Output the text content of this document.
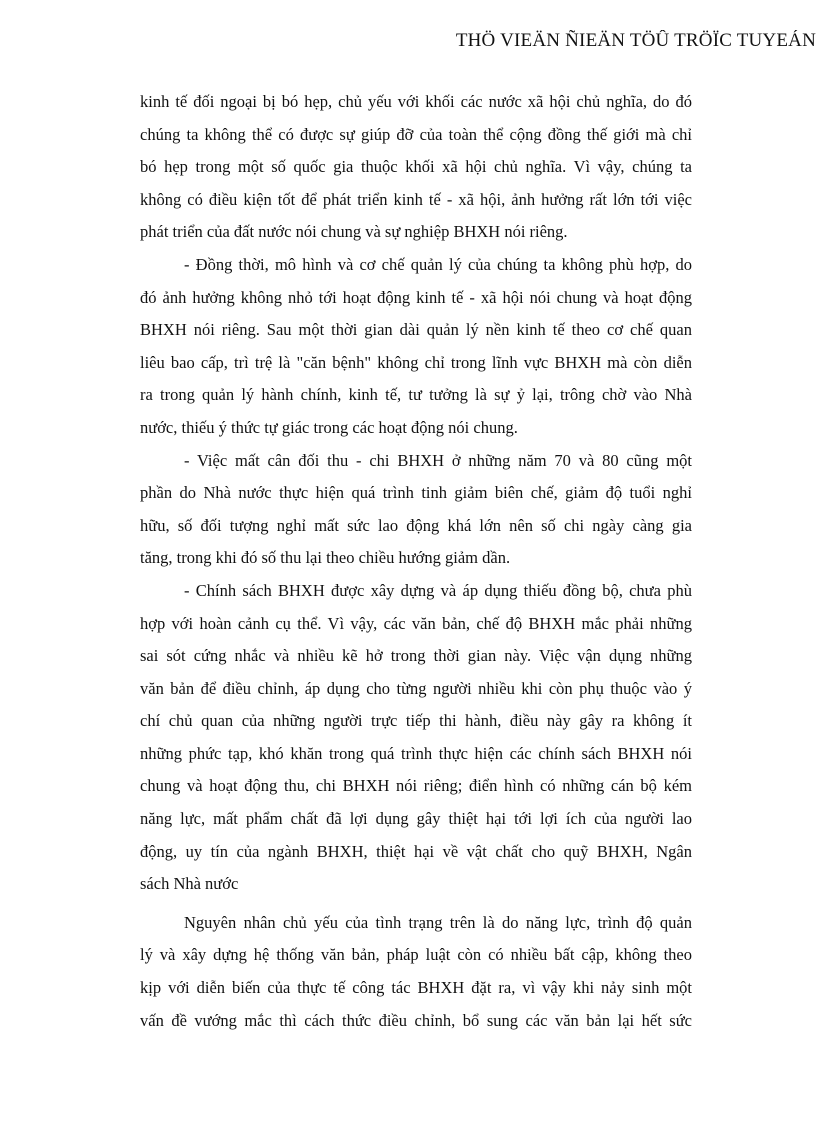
THÖ VIEÄN ÑIEÄN TÖÛ TRÖÏC TUYEÁN
kinh tế đối ngoại bị bó hẹp, chủ yếu với khối các nước xã hội chủ nghĩa, do đó
chúng ta không thể có được sự giúp đỡ của toàn thể cộng đồng thế giới mà chỉ
bó hẹp trong một số quốc gia thuộc khối xã hội chủ nghĩa. Vì vậy, chúng ta
không có điều kiện tốt để phát triển kinh tế - xã hội, ảnh hưởng rất lớn tới việc
phát triển của đất nước nói chung và sự nghiệp BHXH nói riêng.
- Đồng thời, mô hình và cơ chế quản lý của chúng ta không phù hợp, do
đó ảnh hưởng không nhỏ tới hoạt động kinh tế - xã hội nói chung và hoạt động
BHXH nói riêng. Sau một thời gian dài quản lý nền kinh tế theo cơ chế quan
liêu bao cấp, trì trệ là "căn bệnh" không chỉ trong lĩnh vực BHXH mà còn diễn
ra trong quản lý hành chính, kinh tế, tư tưởng là sự ỷ lại, trông chờ vào Nhà
nước, thiếu ý thức tự giác trong các hoạt động nói chung.
- Việc mất cân đối thu - chi BHXH ở những năm 70 và 80 cũng một
phần do Nhà nước thực hiện quá trình tinh giảm biên chế, giảm độ tuổi nghỉ
hữu, số đối tượng nghỉ mất sức lao động khá lớn nên số chi ngày càng gia
tăng, trong khi đó số thu lại theo chiều hướng giảm dần.
- Chính sách BHXH được xây dựng và áp dụng thiếu đồng bộ, chưa phù
hợp với hoàn cảnh cụ thể. Vì vậy, các văn bản, chế độ BHXH mắc phải những
sai sót cứng nhắc và nhiều kẽ hở trong thời gian này. Việc vận dụng những
văn bản để điều chỉnh, áp dụng cho từng người nhiều khi còn phụ thuộc vào ý
chí chủ quan của những người trực tiếp thi hành, điều này gây ra không ít
những phức tạp, khó khăn trong quá trình thực hiện các chính sách BHXH nói
chung và hoạt động thu, chi BHXH nói riêng; điển hình có những cán bộ kém
năng lực, mất phẩm chất đã lợi dụng gây thiệt hại tới lợi ích của người lao
động, uy tín của ngành BHXH, thiệt hại về vật chất cho quỹ BHXH, Ngân
sách Nhà nước
Nguyên nhân chủ yếu của tình trạng trên là do năng lực, trình độ quản
lý và xây dựng hệ thống văn bản, pháp luật còn có nhiều bất cập, không theo
kịp với diễn biến của thực tế công tác BHXH đặt ra, vì vậy khi nảy sinh một
vấn đề vướng mắc thì cách thức điều chỉnh, bổ sung các văn bản lại hết sức
